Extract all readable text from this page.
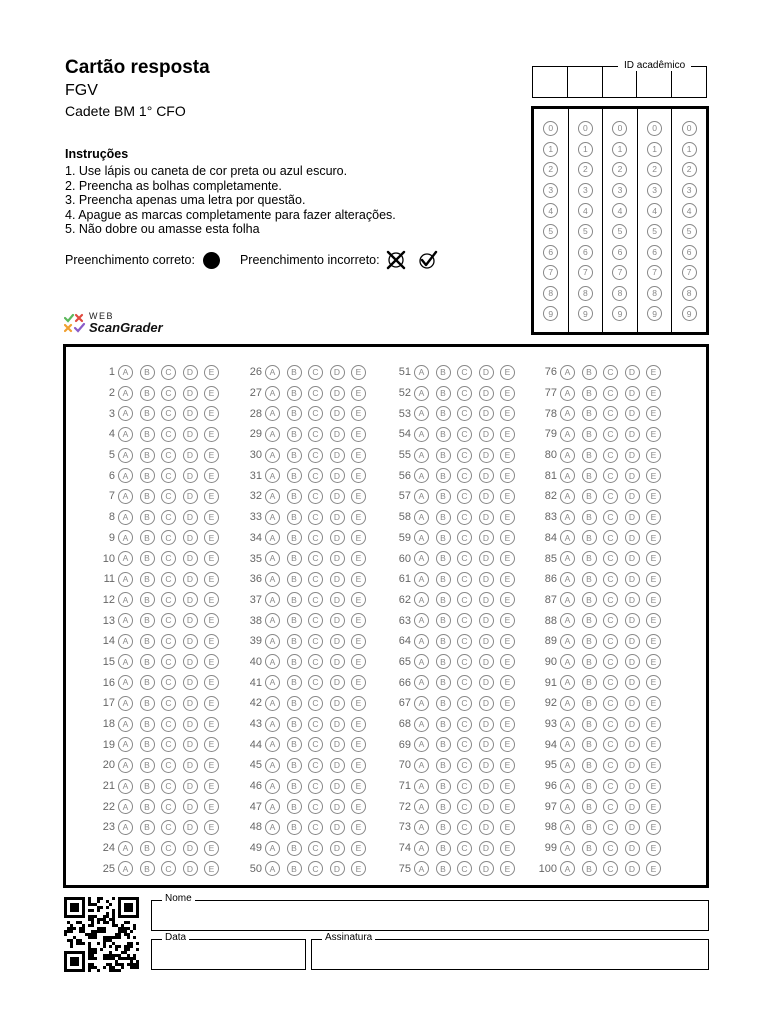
Cartão resposta
FGV
Cadete BM 1° CFO
Instruções
1. Use lápis ou caneta de cor preta ou azul escuro.
2. Preencha as bolhas completamente.
3. Preencha apenas uma letra por questão.
4. Apague as marcas completamente para fazer alterações.
5. Não dobre ou amasse esta folha
Preenchimento correto:	Preenchimento incorreto:
WEB
ScanGrader
ID acadêmico
0
1
2
3
4
5
6
7
8
9
0
1
2
3
4
5
6
7
8
9
0
1
2
3
4
5
6
7
8
9
0
1
2
3
4
5
6
7
8
9
0
1
2
3
4
5
6
7
8
9
1 A	B	C	D	E
2 A	B	C	D	E
3 A	B	C	D	E
4 A	B	C	D	E
5 A	B	C	D	E
6 A	B	C	D	E
7 A	B	C	D	E
8 A	B	C	D	E
9 A	B	C	D	E
10 A	B	C	D	E
11 A	B	C	D	E
12 A	B	C	D	E
13 A	B	C	D	E
14 A	B	C	D	E
15 A	B	C	D	E
16 A	B	C	D	E
17 A	B	C	D	E
18 A	B	C	D	E
19 A	B	C	D	E
20 A	B	C	D	E
21 A	B	C	D	E
22 A	B	C	D	E
23 A	B	C	D	E
24 A	B	C	D	E
25 A	B	C	D	E
26 A	B	C	D	E
27 A	B	C	D	E
28 A	B	C	D	E
29 A	B	C	D	E
30 A	B	C	D	E
31 A	B	C	D	E
32 A	B	C	D	E
33 A	B	C	D	E
34 A	B	C	D	E
35 A	B	C	D	E
36 A	B	C	D	E
37 A	B	C	D	E
38 A	B	C	D	E
39 A	B	C	D	E
40 A	B	C	D	E
41 A	B	C	D	E
42 A	B	C	D	E
43 A	B	C	D	E
44 A	B	C	D	E
45 A	B	C	D	E
46 A	B	C	D	E
47 A	B	C	D	E
48 A	B	C	D	E
49 A	B	C	D	E
50 A	B	C	D	E
51 A	B	C	D	E
52 A	B	C	D	E
53 A	B	C	D	E
54 A	B	C	D	E
55 A	B	C	D	E
56 A	B	C	D	E
57 A	B	C	D	E
58 A	B	C	D	E
59 A	B	C	D	E
60 A	B	C	D	E
61 A	B	C	D	E
62 A	B	C	D	E
63 A	B	C	D	E
64 A	B	C	D	E
65 A	B	C	D	E
66 A	B	C	D	E
67 A	B	C	D	E
68 A	B	C	D	E
69 A	B	C	D	E
70 A	B	C	D	E
71 A	B	C	D	E
72 A	B	C	D	E
73 A	B	C	D	E
74 A	B	C	D	E
75 A	B	C	D	E
76 A	B	C	D	E
77 A	B	C	D	E
78 A	B	C	D	E
79 A	B	C	D	E
80 A	B	C	D	E
81 A	B	C	D	E
82 A	B	C	D	E
83 A	B	C	D	E
84 A	B	C	D	E
85 A	B	C	D	E
86 A	B	C	D	E
87 A	B	C	D	E
88 A	B	C	D	E
89 A	B	C	D	E
90 A	B	C	D	E
91 A	B	C	D	E
92 A	B	C	D	E
93 A	B	C	D	E
94 A	B	C	D	E
95 A	B	C	D	E
96 A	B	C	D	E
97 A	B	C	D	E
98 A	B	C	D	E
99 A	B	C	D	E
100 A	B	C	D	E
Nome
Data	Assinatura
